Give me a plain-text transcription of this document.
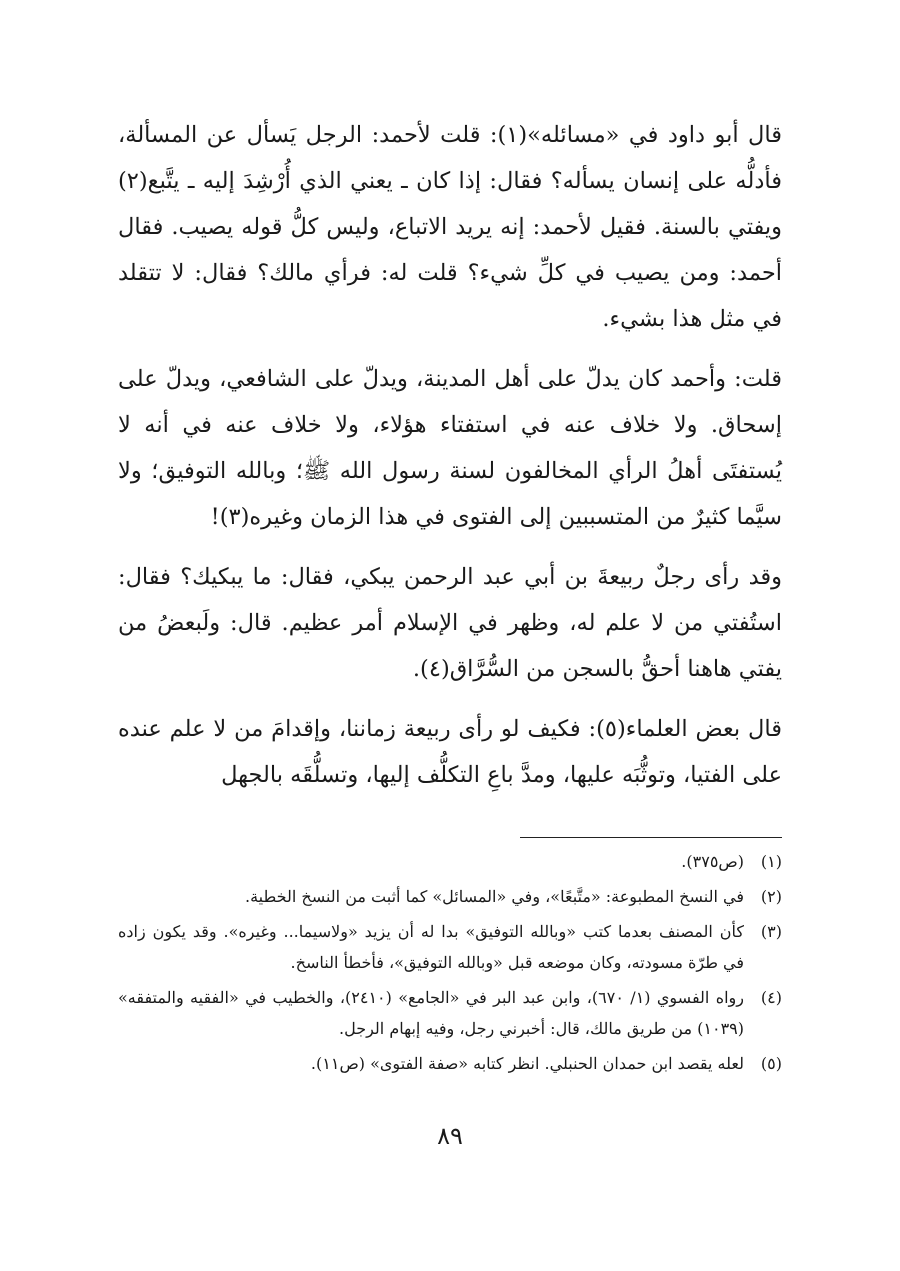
قال أبو داود في «مسائله»(١): قلت لأحمد: الرجل يَسأل عن المسألة، فأدلُّه على إنسان يسأله؟ فقال: إذا كان ـ يعني الذي أُرْشِدَ إليه ـ يتَّبع(٢) ويفتي بالسنة. فقيل لأحمد: إنه يريد الاتباع، وليس كلُّ قوله يصيب. فقال أحمد: ومن يصيب في كلِّ شيء؟ قلت له: فرأي مالك؟ فقال: لا تتقلد في مثل هذا بشيء.

قلت: وأحمد كان يدلّ على أهل المدينة، ويدلّ على الشافعي، ويدلّ على إسحاق. ولا خلاف عنه في استفتاء هؤلاء، ولا خلاف عنه في أنه لا يُستفتَى أهلُ الرأي المخالفون لسنة رسول الله ﷺ؛ وبالله التوفيق؛ ولا سيَّما كثيرٌ من المتسببين إلى الفتوى في هذا الزمان وغيره(٣)!

وقد رأى رجلٌ ربيعةَ بن أبي عبد الرحمن يبكي، فقال: ما يبكيك؟ فقال: استُفتي من لا علم له، وظهر في الإسلام أمر عظيم. قال: ولَبعضُ من يفتي هاهنا أحقُّ بالسجن من السُّرَّاق(٤).

قال بعض العلماء(٥): فكيف لو رأى ربيعة زماننا، وإقدامَ من لا علم عنده على الفتيا، وتوثُّبَه عليها، ومدَّ باعِ التكلُّف إليها، وتسلُّقَه بالجهل

(١)
(ص٣٧٥).
(٢)
في النسخ المطبوعة: «متَّبعًا»، وفي «المسائل» كما أثبت من النسخ الخطية.
(٣)
كأن المصنف بعدما كتب «وبالله التوفيق» بدا له أن يزيد «ولاسيما... وغيره». وقد يكون زاده في طرّة مسودته، وكان موضعه قبل «وبالله التوفيق»، فأخطأ الناسخ.
(٤)
رواه الفسوي (١/ ٦٧٠)، وابن عبد البر في «الجامع» (٢٤١٠)، والخطيب في «الفقيه والمتفقه» (١٠٣٩) من طريق مالك، قال: أخبرني رجل، وفيه إبهام الرجل.
(٥)
لعله يقصد ابن حمدان الحنبلي. انظر كتابه «صفة الفتوى» (ص١١).
٨٩
